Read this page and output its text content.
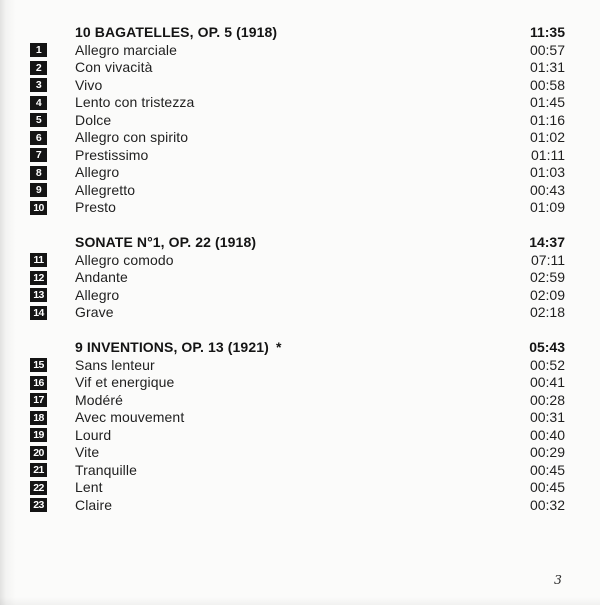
10 BAGATELLES, OP. 5 (1918)	11:35
1	Allegro marciale	00:57
2	Con vivacità	01:31
3	Vivo	00:58
4	Lento con tristezza	01:45
5	Dolce	01:16
6	Allegro con spirito	01:02
7	Prestissimo	01:11
8	Allegro	01:03
9	Allegretto	00:43
10	Presto	01:09
SONATE N°1, OP. 22 (1918)	14:37
11	Allegro comodo	07:11
12	Andante	02:59
13	Allegro	02:09
14	Grave	02:18
9 INVENTIONS, OP. 13 (1921) *	05:43
15	Sans lenteur	00:52
16	Vif et energique	00:41
17	Modéré	00:28
18	Avec mouvement	00:31
19	Lourd	00:40
20	Vite	00:29
21	Tranquille	00:45
22	Lent	00:45
23	Claire	00:32
3
